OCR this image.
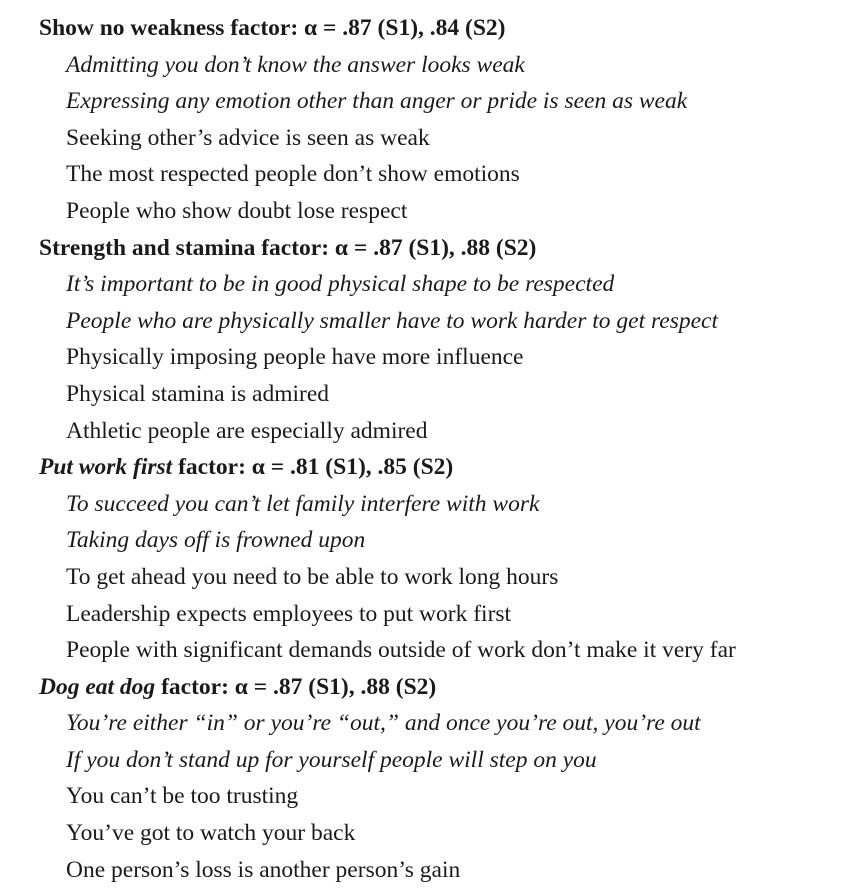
Show no weakness factor: α = .87 (S1), .84 (S2)
Admitting you don’t know the answer looks weak
Expressing any emotion other than anger or pride is seen as weak
Seeking other’s advice is seen as weak
The most respected people don’t show emotions
People who show doubt lose respect
Strength and stamina factor: α = .87 (S1), .88 (S2)
It’s important to be in good physical shape to be respected
People who are physically smaller have to work harder to get respect
Physically imposing people have more influence
Physical stamina is admired
Athletic people are especially admired
Put work first factor: α = .81 (S1), .85 (S2)
To succeed you can’t let family interfere with work
Taking days off is frowned upon
To get ahead you need to be able to work long hours
Leadership expects employees to put work first
People with significant demands outside of work don’t make it very far
Dog eat dog factor: α = .87 (S1), .88 (S2)
You’re either “in” or you’re “out,” and once you’re out, you’re out
If you don’t stand up for yourself people will step on you
You can’t be too trusting
You’ve got to watch your back
One person’s loss is another person’s gain
